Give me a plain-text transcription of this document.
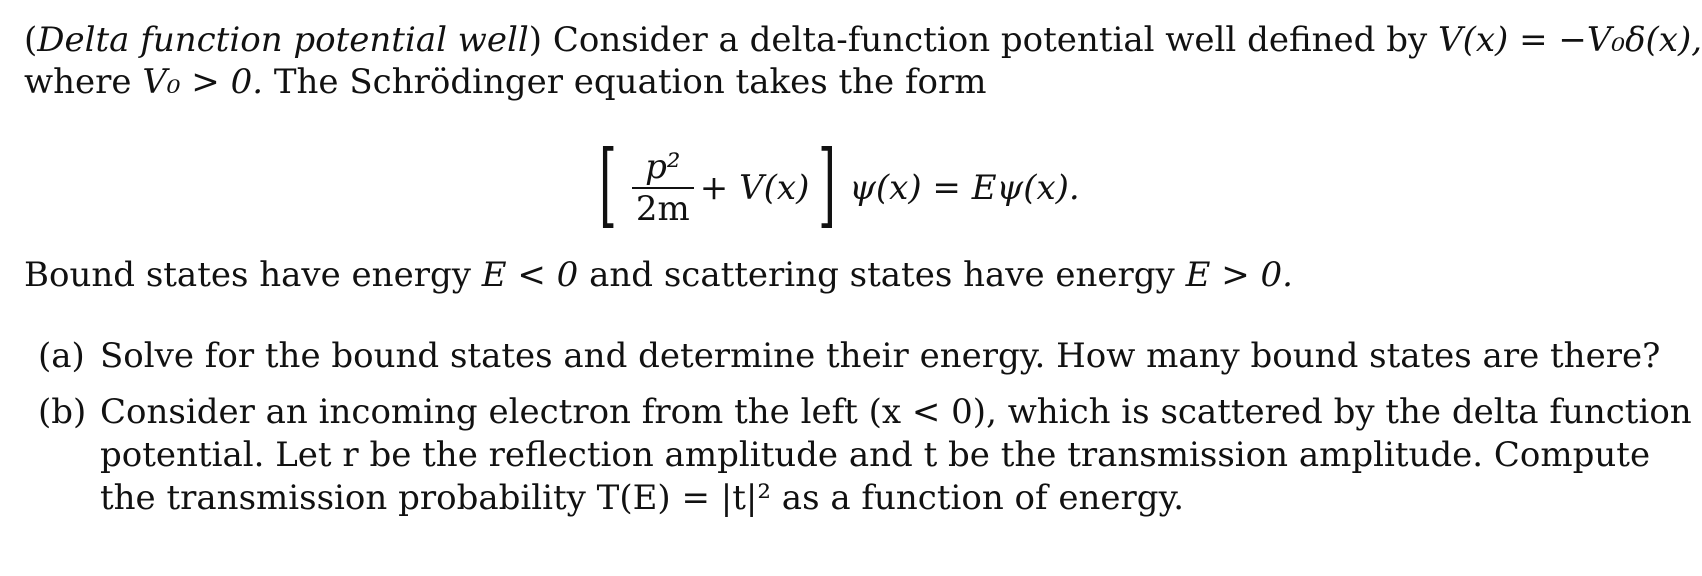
(Delta function potential well) Consider a delta-function potential well defined by V(x) = −V₀δ(x),
where V₀ > 0. The Schrödinger equation takes the form
[ $\frac{\text{p²}}{2m} + V(x)$ ] ψ(x) = Eψ(x).
Bound states have energy E < 0 and scattering states have energy E > 0.
(a) Solve for the bound states and determine their energy. How many bound states are there?
(b) Consider an incoming electron from the left (x < 0), which is scattered by the delta function
potential. Let r be the reflection amplitude and t be the transmission amplitude. Compute
the transmission probability T(E) = |t|² as a function of energy.
